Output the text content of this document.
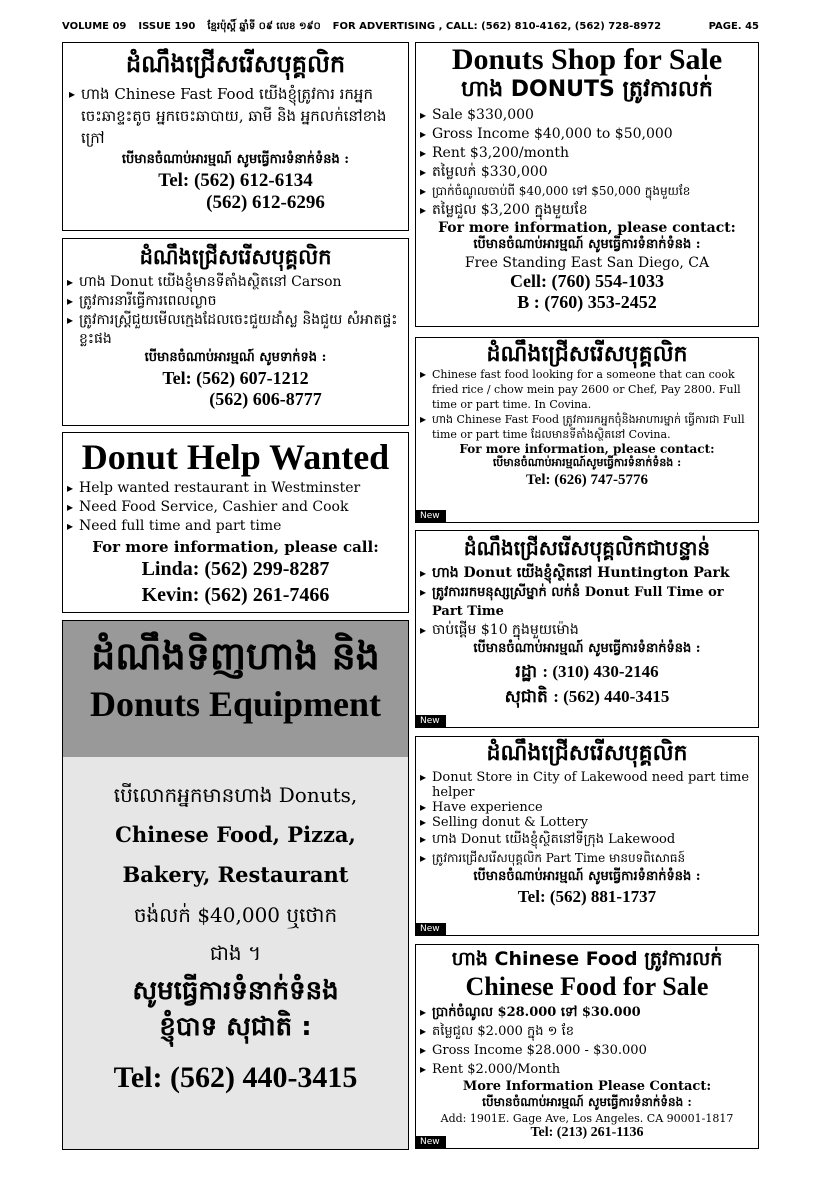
VOLUME 09 ISSUE 190 ខ្មែរប៉ុស្តិ៍ ឆ្នាំទី ០៩ លេខ ១៩០ FOR ADVERTISING , CALL: (562) 810-4162, (562) 728-8972	PAGE. 45
ដំណឹងជ្រើសរើសបុគ្គលិក
▸ ហាង Chinese Fast Food យើងខ្ញុំត្រូវការ រកអ្នកចេះឆាខ្ទះតូច អ្នកចេះឆាបាយ, ឆាមី និង អ្នកលក់នៅខាងក្រៅ
បើមានចំណាប់អារម្មណ៍ សូមធ្វើការទំនាក់ទំនង :
Tel: (562) 612-6134
(562) 612-6296
ដំណឹងជ្រើសរើសបុគ្គលិក
▸ ហាង Donut យើងខ្ញុំមានទីតាំងស្ថិតនៅ Carson
▸ ត្រូវការនារីធ្វើការពេលល្ងាច
▸ ត្រូវការស្ត្រីជួយមើលក្មេងដែលចេះជួយដាំស្ល និងជួយ សំអាតផ្ទះខ្លះផង
បើមានចំណាប់អារម្មណ៍ សូមទាក់ទង :
Tel: (562) 607-1212
(562) 606-8777
Donut Help Wanted
▸ Help wanted restaurant in Westminster
▸ Need Food Service, Cashier and Cook
▸ Need full time and part time
For more information, please call:
Linda: (562) 299-8287
Kevin: (562) 261-7466
ដំណឹងទិញហាង និង
Donuts Equipment
បើលោកអ្នកមានហាង Donuts,
Chinese Food, Pizza,
Bakery, Restaurant
ចង់លក់ $40,000 ឬថោក
ជាង ។
សូមធ្វើការទំនាក់ទំនង
ខ្ញុំបាទ សុជាតិ :
Tel: (562) 440-3415
Donuts Shop for Sale
ហាង DONUTS ត្រូវការលក់
▸ Sale $330,000
▸ Gross Income $40,000 to $50,000
▸ Rent $3,200/month
▸ តម្លៃលក់ $330,000
▸ ប្រាក់ចំណូលចាប់ពី $40,000 ទៅ $50,000 ក្នុងមួយខែ
▸ តម្លៃជួល $3,200 ក្នុងមួយខែ
For more information, please contact:
បើមានចំណាប់អារម្មណ៍ សូមធ្វើការទំនាក់ទំនង :
Free Standing East San Diego, CA
Cell: (760) 554-1033
B : (760) 353-2452
ដំណឹងជ្រើសរើសបុគ្គលិក
▸ Chinese fast food looking for a someone that can cook fried rice / chow mein pay 2600 or Chef, Pay 2800. Full time or part time. In Covina.
▸ ហាង Chinese Fast Food ត្រូវការរកអ្នកចុំនិងអាហារម្នាក់ ធ្វើការជា Full time or part time ដែលមានទីតាំងស្ថិតនៅ Covina.
For more information, please contact:
បើមានចំណាប់អារម្មណ៍សូមធ្វើការទំនាក់ទំនង :
Tel: (626) 747-5776
New
ដំណឹងជ្រើសរើសបុគ្គលិកជាបន្ទាន់
▸ ហាង Donut យើងខ្ញុំស្ថិតនៅ Huntington Park
▸ ត្រូវការរកមនុស្សស្រីម្នាក់ លក់នំ Donut Full Time or Part Time
▸ ចាប់ផ្តើម $10 ក្នុងមួយម៉ោង
បើមានចំណាប់អារម្មណ៍ សូមធ្វើការទំនាក់ទំនង :
រដ្ឋា : (310) 430-2146
សុជាតិ : (562) 440-3415
New
ដំណឹងជ្រើសរើសបុគ្គលិក
▸ Donut Store in City of Lakewood need part time helper
▸ Have experience
▸ Selling donut & Lottery
▸ ហាង Donut យើងខ្ញុំស្ថិតនៅទីក្រុង Lakewood
▸ ត្រូវការជ្រើសរើសបុគ្គលិក Part Time មានបទពិសោធន៍
បើមានចំណាប់អារម្មណ៍ សូមធ្វើការទំនាក់ទំនង :
Tel: (562) 881-1737
New
ហាង Chinese Food ត្រូវការលក់
Chinese Food for Sale
▸ ប្រាក់ចំណូល $28.000 ទៅ $30.000
▸ តម្លៃជួល $2.000 ក្នុង ១ ខែ
▸ Gross Income $28.000 - $30.000
▸ Rent $2.000/Month
More Information Please Contact:
បើមានចំណាប់អារម្មណ៍ សូមធ្វើការទំនាក់ទំនង :
Add: 1901E. Gage Ave, Los Angeles. CA 90001-1817
Tel: (213) 261-1136
New
